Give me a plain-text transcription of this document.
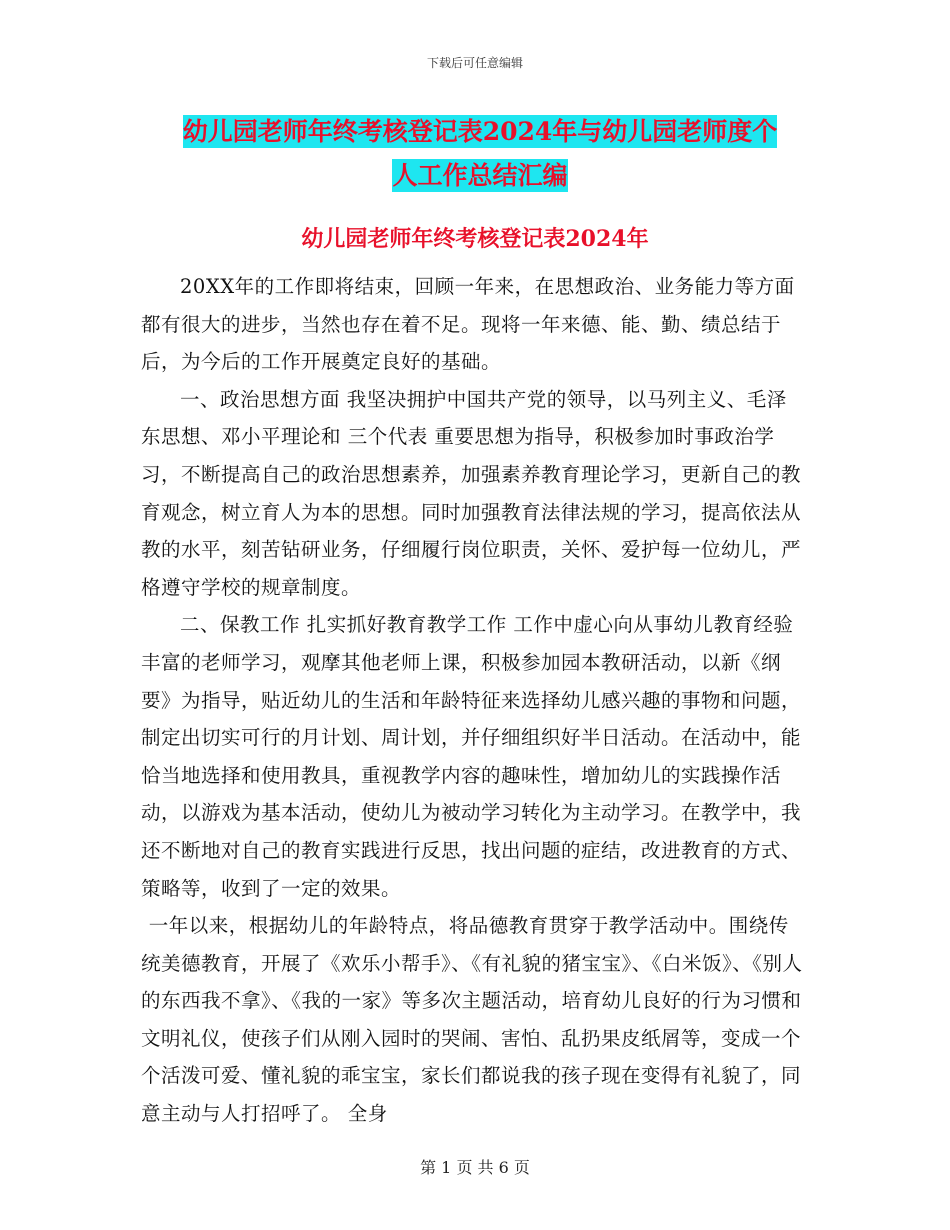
下载后可任意编辑
幼儿园老师年终考核登记表2024年与幼儿园老师度个
人工作总结汇编
幼儿园老师年终考核登记表2024年

20XX年的工作即将结束，回顾一年来，在思想政治、业务能力等方面都有很大的进步，当然也存在着不足。现将一年来德、能、勤、绩总结于后，为今后的工作开展奠定良好的基础。

一、政治思想方面 我坚决拥护中国共产党的领导，以马列主义、毛泽东思想、邓小平理论和 三个代表 重要思想为指导，积极参加时事政治学习，不断提高自己的政治思想素养，加强素养教育理论学习，更新自己的教育观念，树立育人为本的思想。同时加强教育法律法规的学习，提高依法从教的水平，刻苦钻研业务，仔细履行岗位职责，关怀、爱护每一位幼儿，严格遵守学校的规章制度。

二、保教工作 扎实抓好教育教学工作 工作中虚心向从事幼儿教育经验丰富的老师学习，观摩其他老师上课，积极参加园本教研活动，以新《纲要》为指导，贴近幼儿的生活和年龄特征来选择幼儿感兴趣的事物和问题，制定出切实可行的月计划、周计划，并仔细组织好半日活动。在活动中，能恰当地选择和使用教具，重视教学内容的趣味性，增加幼儿的实践操作活动，以游戏为基本活动，使幼儿为被动学习转化为主动学习。在教学中，我还不断地对自己的教育实践进行反思，找出问题的症结，改进教育的方式、策略等，收到了一定的效果。

一年以来，根据幼儿的年龄特点，将品德教育贯穿于教学活动中。围绕传统美德教育，开展了《欢乐小帮手》、《有礼貌的猪宝宝》、《白米饭》、《别人的东西我不拿》、《我的一家》等多次主题活动，培育幼儿良好的行为习惯和文明礼仪，使孩子们从刚入园时的哭闹、害怕、乱扔果皮纸屑等，变成一个个活泼可爱、懂礼貌的乖宝宝，家长们都说我的孩子现在变得有礼貌了，同意主动与人打招呼了。 全身

第 1 页 共 6 页
